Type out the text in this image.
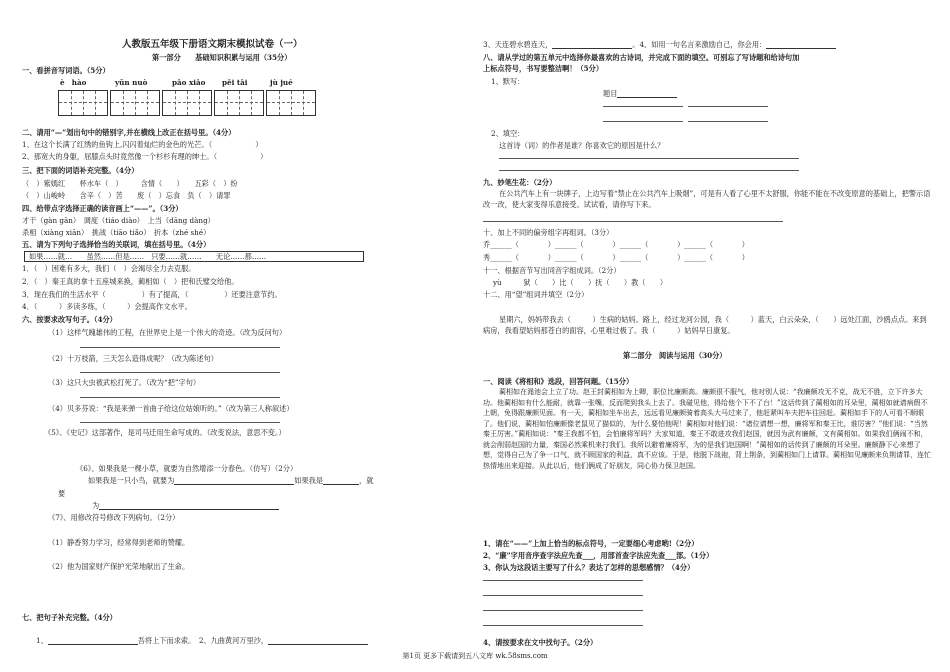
人教版五年级下册语文期末模拟试卷（一）
第一部分　　基础知识积累与运用（35分）
一、看拼音写词语。（5分）
è　hào	yǔn nuò	pāo xiāo pēi tāi	jù jué
二、请用“—”划出句中的错别字,并在横线上改正在括号里。（4分）
1、在这个长满了红绣的鱼钩上,闪闪着灿烂的金色的光芒。（　　　　　　）
2、那宽大的身躯，屈膝点头时竟然像一个杉杉有理的绅士。（　　　　　　）
三、把下面的词语补充完整。（4分）
（　）紫嫣红　　杯水车（　）　　　含情（　　）　　五彩（　）纷
（　）山峻岭　　含辛（　）苦　　废（　）忘食　负（　）请罪
四、给带点字选择正确的读音画上“——”。（3分）
才干（gàn gān）　调度（tiáo diào）　上当（dāng dàng）
杀相（xiàng xiān）　挑战（tiāo tiǎo）　折本（zhé shé）
五、请为下列句子选择恰当的关联词，填在括号里。（4分）
如果……就…　　虽然……但是……　只要……就……　　无论……都……
1．（　）困难有多大，我们（　）会竭尽全力去克服。
2．（　）秦王真的拿十五座城来换，蔺相如（　）把和氏璧交给他。
3．现在我们的生活水平（　　　　　）有了提高，（　　　　　）还要注意节约。
4．（　　　）多读多练，（　　　）会提高作文水平。
六、按要求改写句子。（4分）
（1）这样气魄雄伟的工程，在世界史上是一个伟大的奇迹。（改为反问句）
（2）十万枝箭，三天怎么造得成呢？（改为陈述句）
（3）这只大虫被武松打死了。（改为“把”字句）
（4）贝多芬说：“我是来弹一首曲子给这位姑娘听的。”（改为第三人称叙述）
《5》、《史记》这部著作，是司马迁用生命写成的。（改变说法，意思不变。）
《6》、如果我是一棵小草，就要为自然增添一分春色。（仿写）（2分）
如果我是一只小鸟，就要为	如果我是	，就
要
为
《7》、用修改符号修改下列病句。（2分）
（1）静香努力学习，经常得到老师的赞耀。
（2）他为国家财产保护光荣地献出了生命。
七、把句子补充完整。（4分）
1、	吾将上下而求索。　2、九曲黄河万里沙，
3、天连碧水碧连天，	。4、如用一句名言来激励自己，你会用：
八、请从学过的第五单元中选择你最喜欢的古诗词，并完成下面的填空。可别忘了写诗题和给诗句加
上标点符号，书写要整洁啊！（5分）
1、默写：
题目
2、填空：
这首诗（词）的作者是谁？你喜欢它的原因是什么？
九、妙笔生花：（2分）
在公共汽车上有一块牌子，上边写着“禁止在公共汽车上吸烟”，可是有人看了心里不太舒服，你能不能在不改变原意的基础上，把警示语改一改，使大家变得乐意接受。试试看，请你写下来。
十、加上不同的偏旁组字再组词。（3分）
乔______（　　　　）______（　　　　）______（　　　　）______（　　　　）
秀______（　　　　）______（　　　　）______（　　　　）______（　　　　）
十一、根据音节写出同音字组成词。（2分）
yù　　　狱（　　）比（　　）抚（　　）教（　　）
十二、用“望”组词并填空（2分）
星期六，妈妈带我去（　　　）生病的姑妈。路上，经过龙河公园，我（　　　）蓝天，白云朵朵，（　　）远处江面，沙鸥点点。来到病房，我看望姑妈那苍白的面容，心里难过极了。我（　　　）姑妈早日康复。
第二部分　阅读与运用（30分）
一、阅读《将相和》选段，回答问题。（15分）
蔺相如在渑池会上立了功。赵王封蔺相如为上卿，职位比廉颇高。廉颇很不服气，他对别人说：“我廉颇攻无不克，战无不胜，立下许多大功。他蔺相如有什么能耐，就靠一张嘴，反而爬到我头上去了。我碰见他，得给他个下不了台！”这话传到了蔺相如的耳朵里，蔺相如就请病假不上朝，免得跟廉颇见面。有一天，蔺相如坐车出去，远远看见廉颇骑着高头大马过来了，他赶紧叫车夫把车往回赶。蔺相如手下的人可看不顺眼了。他们说，蔺相如怕廉颇像老鼠见了猫似的，为什么要怕他呢！蔺相如对他们说：“诸位请想一想，廉将军和秦王比，谁厉害？”他们说：“当然秦王厉害。”蔺相如说：“秦王我都不怕，会怕廉将军吗？大家知道，秦王不敢进攻我们赵国，就因为武有廉颇，文有蔺相如。如果我们俩闹不和，就会削弱赵国的力量，秦国必然乘机来打我们。我所以避着廉将军，为的是我们赵国啊！”蔺相如的话传到了廉颇的耳朵里。廉颇静下心来想了想，觉得自己为了争一口气，就不顾国家的利益，真不应该。于是，他脱下战袍，背上荆条，到蔺相如门上请罪。蔺相如见廉颇来负荆请罪，连忙热情地出来迎接。从此以后，他们俩成了好朋友，同心协力保卫赵国。
1、请在“——”上加上恰当的标点符号，一定要细心考虑哟!（2分）
2、“廉”字用音序查字法应先查___，用部首查字法应先查___部。（1分）
3、你认为这段话主要写了什么？表达了怎样的思想感情？（4分）
4、请按要求在文中找句子。（2分）
第1页 更多下载请到五八文库 wk.58sms.com
